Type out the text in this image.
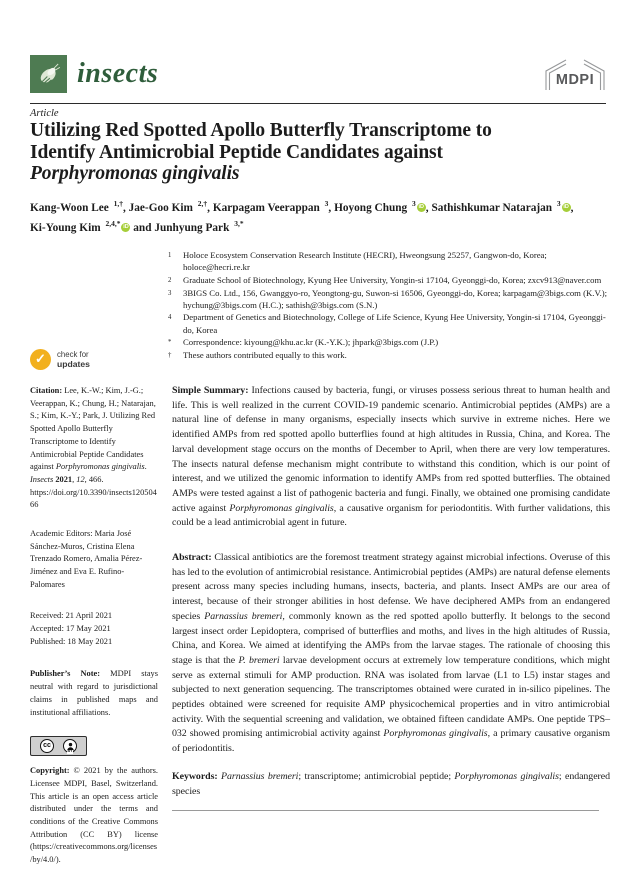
insects	MDPI
Article
Utilizing Red Spotted Apollo Butterfly Transcriptome to
Identify Antimicrobial Peptide Candidates against
Porphyromonas gingivalis
Kang-Woon Lee $^{1,\dagger}$, Jae-Goo Kim $^{2,\dagger}$, Karpagam Veerappan $^3$, Hoyong Chung $^3$ iD , Sathishkumar Natarajan $^3$ iD ,
Ki-Young Kim $^{2,4,*}$ iD and Junhyung Park $^{3,*}$
1	Holoce Ecosystem Conservation Research Institute (HECRI), Hweongsung 25257, Gangwon-do, Korea; holoce@hecri.re.kr
2	Graduate School of Biotechnology, Kyung Hee University, Yongin-si 17104, Gyeonggi-do, Korea; zxcv913@naver.com
3	3BIGS Co. Ltd., 156, Gwanggyo-ro, Yeongtong-gu, Suwon-si 16506, Gyeonggi-do, Korea; karpagam@3bigs.com (K.V.); hychung@3bigs.com (H.C.); sathish@3bigs.com (S.N.)
4	Department of Genetics and Biotechnology, College of Life Science, Kyung Hee University, Yongin-si 17104, Gyeonggi-do, Korea
*	Correspondence: kiyoung@khu.ac.kr (K.-Y.K.); jhpark@3bigs.com (J.P.)
†	These authors contributed equally to this work.
✓ check for
updates

Citation: Lee, K.-W.; Kim, J.-G.; Veerappan, K.; Chung, H.; Natarajan, S.; Kim, K.-Y.; Park, J. Utilizing Red Spotted Apollo Butterfly Transcriptome to Identify Antimicrobial Peptide Candidates against Porphyromonas gingivalis. Insects 2021, 12, 466. https://doi.org/10.3390/insects12050466

Academic Editors: Maria José Sánchez-Muros, Cristina Elena Trenzado Romero, Amalia Pérez-Jiménez and Eva E. Rufino-Palomares

Received: 21 April 2021
Accepted: 17 May 2021
Published: 18 May 2021

Publisher’s Note: MDPI stays neutral with regard to jurisdictional claims in published maps and institutional affiliations.

cc
BY

Copyright: © 2021 by the authors. Licensee MDPI, Basel, Switzerland. This article is an open access article distributed under the terms and conditions of the Creative Commons Attribution (CC BY) license (https://creativecommons.org/licenses/by/4.0/).

Simple Summary: Infections caused by bacteria, fungi, or viruses possess serious threat to human health and life. This is well realized in the current COVID-19 pandemic scenario. Antimicrobial peptides (AMPs) are a natural line of defense in many organisms, especially insects which survive in extreme niches. Here we identified AMPs from red spotted apollo butterflies found at high altitudes in Russia, China, and Korea. The larval development stage occurs on the months of December to April, when there are very low temperatures. The insects natural defense mechanism might contribute to withstand this condition, which is our point of interest, and we utilized the genomic information to identify AMPs from red spotted butterflies. The obtained AMPs were tested against a list of pathogenic bacteria and fungi. Finally, we obtained one promising candidate active against Porphyromonas gingivalis, a causative organism for periodontitis. With further validations, this could be a lead antimicrobial agent in future.

Abstract: Classical antibiotics are the foremost treatment strategy against microbial infections. Overuse of this has led to the evolution of antimicrobial resistance. Antimicrobial peptides (AMPs) are natural defense elements present across many species including humans, insects, bacteria, and plants. Insect AMPs are our area of interest, because of their stronger abilities in host defense. We have deciphered AMPs from an endangered species Parnassius bremeri, commonly known as the red spotted apollo butterfly. It belongs to the second largest insect order Lepidoptera, comprised of butterflies and moths, and lives in the high altitudes of Russia, China, and Korea. We aimed at identifying the AMPs from the larvae stages. The rationale of choosing this stage is that the P. bremeri larvae development occurs at extremely low temperature conditions, which might serve as external stimuli for AMP production. RNA was isolated from larvae (L1 to L5) instar stages and subjected to next generation sequencing. The transcriptomes obtained were curated in in-silico pipelines. The peptides obtained were screened for requisite AMP physicochemical properties and in vitro antimicrobial activity. With the sequential screening and validation, we obtained fifteen candidate AMPs. One peptide TPS–032 showed promising antimicrobial activity against Porphyromonas gingivalis, a primary causative organism of periodontitis.

Keywords: Parnassius bremeri; transcriptome; antimicrobial peptide; Porphyromonas gingivalis; endangered species
